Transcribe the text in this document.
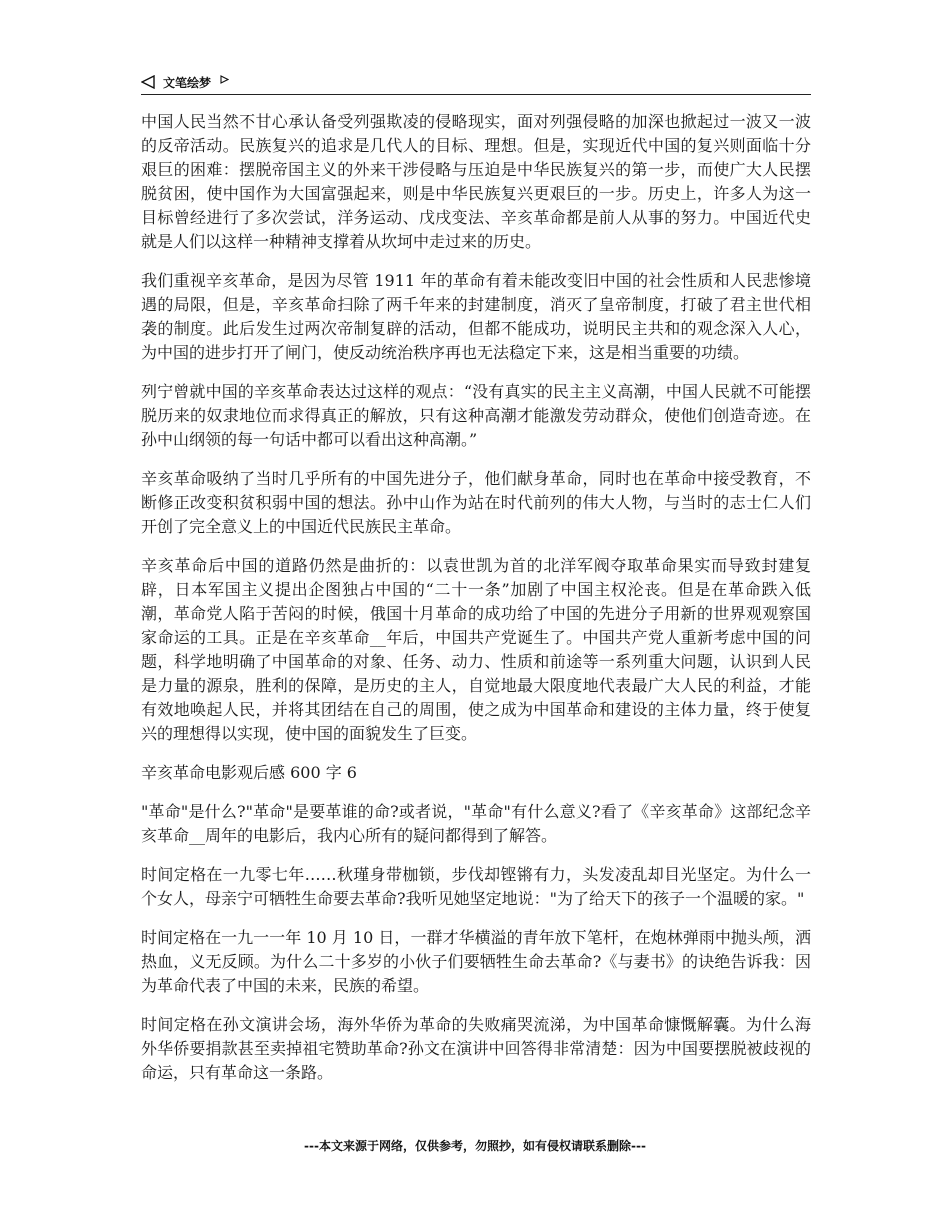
文笔绘梦

中国人民当然不甘心承认备受列强欺凌的侵略现实，面对列强侵略的加深也掀起过一波又一波的反帝活动。民族复兴的追求是几代人的目标、理想。但是，实现近代中国的复兴则面临十分艰巨的困难：摆脱帝国主义的外来干涉侵略与压迫是中华民族复兴的第一步，而使广大人民摆脱贫困，使中国作为大国富强起来，则是中华民族复兴更艰巨的一步。历史上，许多人为这一目标曾经进行了多次尝试，洋务运动、戊戌变法、辛亥革命都是前人从事的努力。中国近代史就是人们以这样一种精神支撑着从坎坷中走过来的历史。

我们重视辛亥革命，是因为尽管 1911 年的革命有着未能改变旧中国的社会性质和人民悲惨境遇的局限，但是，辛亥革命扫除了两千年来的封建制度，消灭了皇帝制度，打破了君主世代相袭的制度。此后发生过两次帝制复辟的活动，但都不能成功，说明民主共和的观念深入人心，为中国的进步打开了闸门，使反动统治秩序再也无法稳定下来，这是相当重要的功绩。

列宁曾就中国的辛亥革命表达过这样的观点：“没有真实的民主主义高潮，中国人民就不可能摆脱历来的奴隶地位而求得真正的解放，只有这种高潮才能激发劳动群众，使他们创造奇迹。在孙中山纲领的每一句话中都可以看出这种高潮。”

辛亥革命吸纳了当时几乎所有的中国先进分子，他们献身革命，同时也在革命中接受教育，不断修正改变积贫积弱中国的想法。孙中山作为站在时代前列的伟大人物，与当时的志士仁人们开创了完全意义上的中国近代民族民主革命。

辛亥革命后中国的道路仍然是曲折的：以袁世凯为首的北洋军阀夺取革命果实而导致封建复辟，日本军国主义提出企图独占中国的“二十一条”加剧了中国主权沦丧。但是在革命跌入低潮，革命党人陷于苦闷的时候，俄国十月革命的成功给了中国的先进分子用新的世界观观察国家命运的工具。正是在辛亥革命__年后，中国共产党诞生了。中国共产党人重新考虑中国的问题，科学地明确了中国革命的对象、任务、动力、性质和前途等一系列重大问题，认识到人民是力量的源泉，胜利的保障，是历史的主人，自觉地最大限度地代表最广大人民的利益，才能有效地唤起人民，并将其团结在自己的周围，使之成为中国革命和建设的主体力量，终于使复兴的理想得以实现，使中国的面貌发生了巨变。

辛亥革命电影观后感 600 字 6

"革命"是什么?"革命"是要革谁的命?或者说，"革命"有什么意义?看了《辛亥革命》这部纪念辛亥革命__周年的电影后，我内心所有的疑问都得到了解答。

时间定格在一九零七年……秋瑾身带枷锁，步伐却铿锵有力，头发凌乱却目光坚定。为什么一个女人，母亲宁可牺牲生命要去革命?我听见她坚定地说："为了给天下的孩子一个温暖的家。"

时间定格在一九一一年 10 月 10 日，一群才华横溢的青年放下笔杆，在炮林弹雨中抛头颅，洒热血，义无反顾。为什么二十多岁的小伙子们要牺牲生命去革命?《与妻书》的诀绝告诉我：因为革命代表了中国的未来，民族的希望。

时间定格在孙文演讲会场，海外华侨为革命的失败痛哭流涕，为中国革命慷慨解囊。为什么海外华侨要捐款甚至卖掉祖宅赞助革命?孙文在演讲中回答得非常清楚：因为中国要摆脱被歧视的命运，只有革命这一条路。

---本文来源于网络，仅供参考，勿照抄，如有侵权请联系删除---
